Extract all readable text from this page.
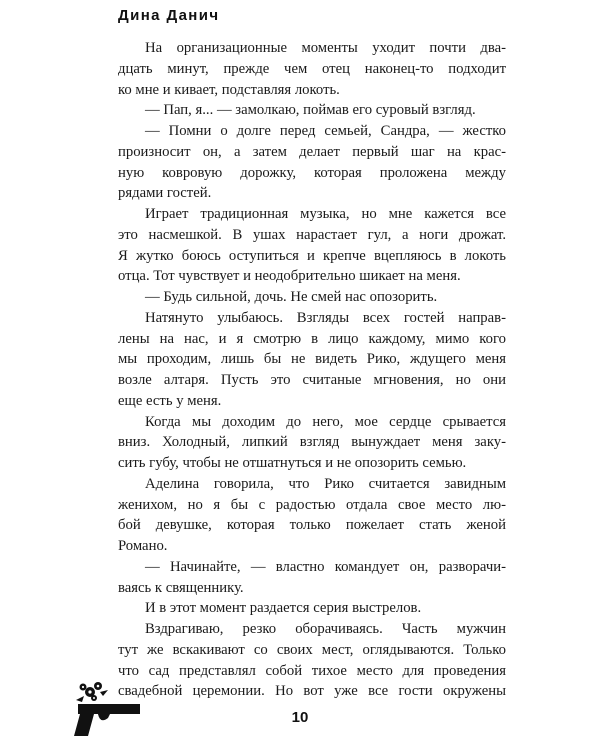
Дина Данич
На организационные моменты уходит почти два-
дцать минут, прежде чем отец наконец-то подходит
ко мне и кивает, подставляя локоть.
— Пап, я... — замолкаю, поймав его суровый взгляд.
— Помни о долге перед семьей, Сандра, — жестко
произносит он, а затем делает первый шаг на крас-
ную ковровую дорожку, которая проложена между
рядами гостей.
Играет традиционная музыка, но мне кажется все
это насмешкой. В ушах нарастает гул, а ноги дрожат.
Я жутко боюсь оступиться и крепче вцепляюсь в локоть
отца. Тот чувствует и неодобрительно шикает на меня.
— Будь сильной, дочь. Не смей нас опозорить.
Натянуто улыбаюсь. Взгляды всех гостей направ-
лены на нас, и я смотрю в лицо каждому, мимо кого
мы проходим, лишь бы не видеть Рико, ждущего меня
возле алтаря. Пусть это считаные мгновения, но они
еще есть у меня.
Когда мы доходим до него, мое сердце срывается
вниз. Холодный, липкий взгляд вынуждает меня заку-
сить губу, чтобы не отшатнуться и не опозорить семью.
Аделина говорила, что Рико считается завидным
женихом, но я бы с радостью отдала свое место лю-
бой девушке, которая только пожелает стать женой
Романо.
— Начинайте, — властно командует он, разворачи-
ваясь к священнику.
И в этот момент раздается серия выстрелов.
Вздрагиваю, резко оборачиваясь. Часть мужчин
тут же вскакивают со своих мест, оглядываются. Только
что сад представлял собой тихое место для проведения
свадебной церемонии. Но вот уже все гости окружены
10
